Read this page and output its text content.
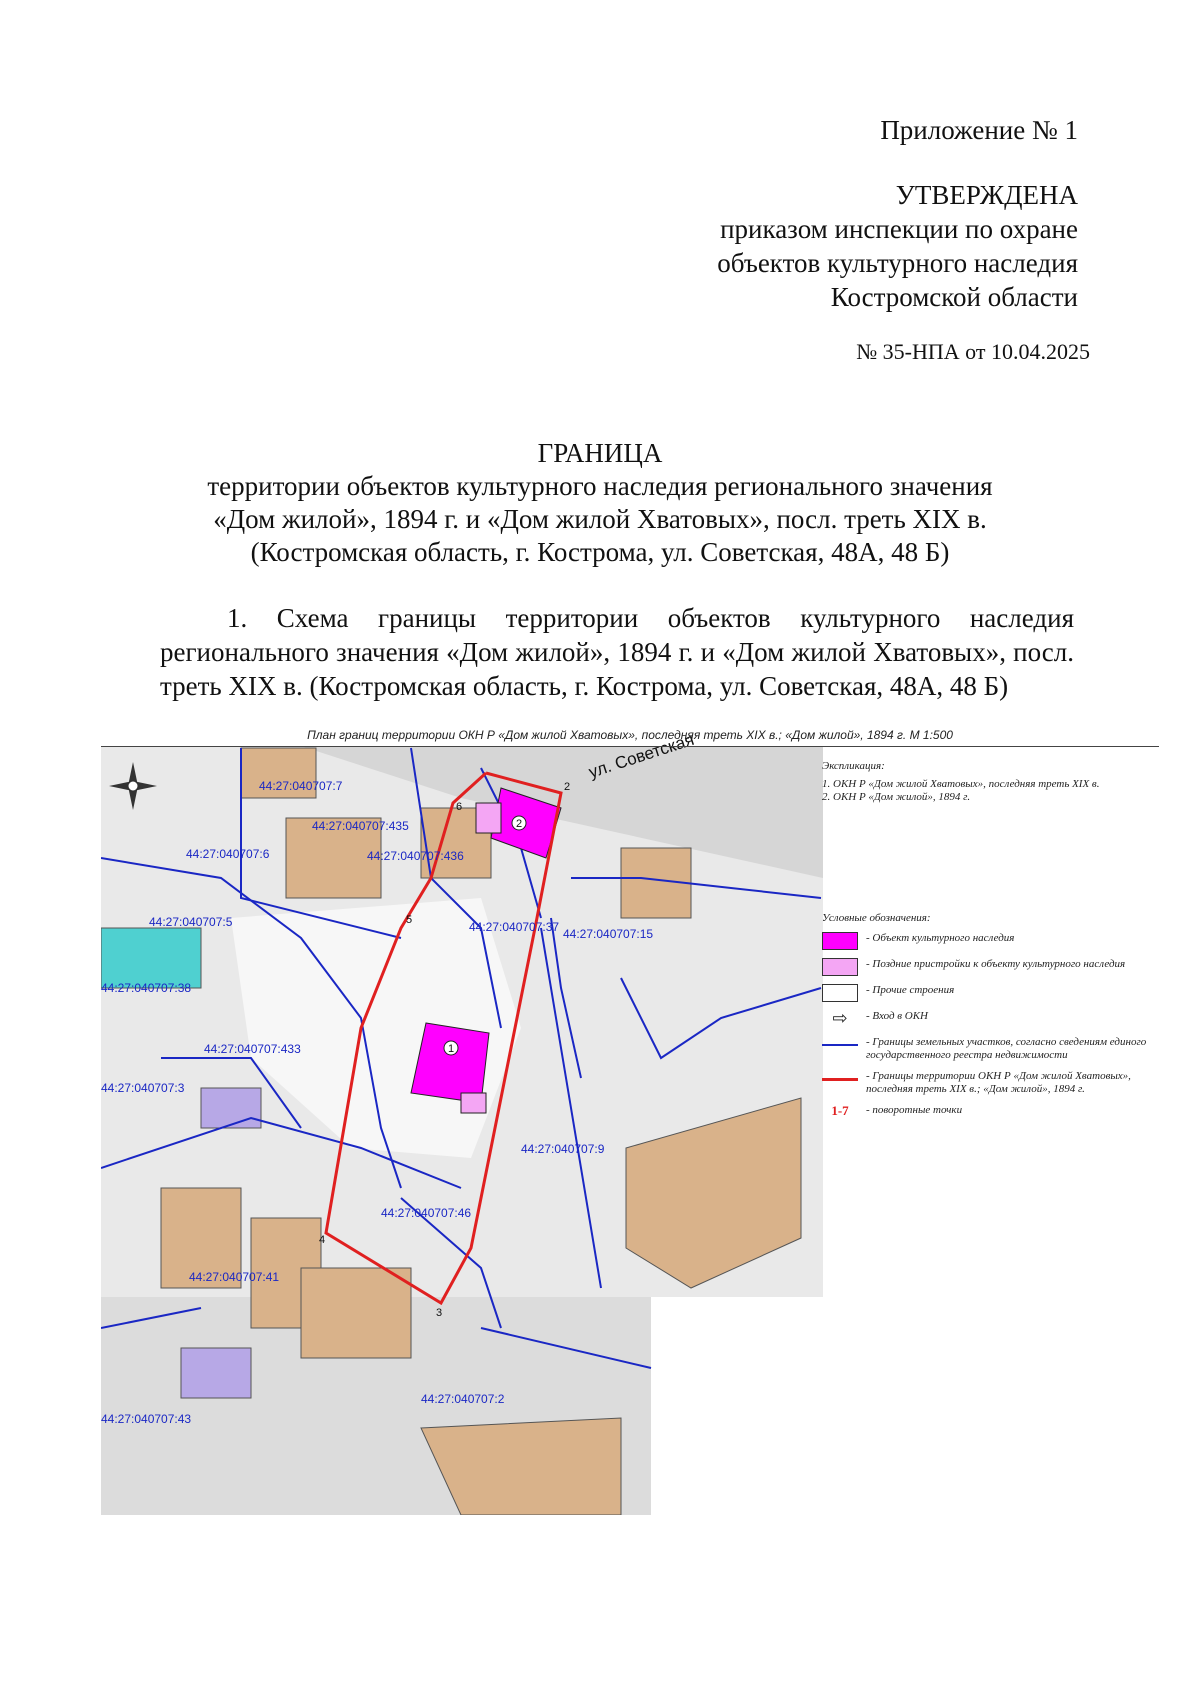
Приложение № 1
УТВЕРЖДЕНА
приказом инспекции по охране
объектов культурного наследия
Костромской области
№ 35-НПА от 10.04.2025
ГРАНИЦА
территории объектов культурного наследия регионального значения
«Дом жилой», 1894 г. и «Дом жилой Хватовых», посл. треть XIX в.
(Костромская область, г. Кострома, ул. Советская, 48А, 48 Б)
1. Схема границы территории объектов культурного наследия регионального значения «Дом жилой», 1894 г. и «Дом жилой Хватовых», посл. треть XIX в. (Костромская область, г. Кострома, ул. Советская, 48А, 48 Б)
2
1
2
3
4
5
6
ул. Советская
44:27:040707:7
44:27:040707:435
44:27:040707:6	44:27:040707:436
44:27:040707:5	44:27:040707:37 44:27:040707:15
44:27:040707:38
44:27:040707:433
44:27:040707:3
44:27:040707:9
44:27:040707:46
44:27:040707:41
44:27:040707:2
44:27:040707:43
План границ территории ОКН Р «Дом жилой Хватовых», последняя треть XIX в.; «Дом жилой», 1894 г. М 1:500
Экспликация:
1. ОКН Р «Дом жилой Хватовых», последняя треть XIX в.
2. ОКН Р «Дом жилой», 1894 г.
Условные обозначения:
- Объект культурного наследия
- Поздние пристройки к объекту культурного наследия
- Прочие строения
⇨	- Вход в ОКН
- Границы земельных участков, согласно сведениям единого государственного реестра недвижимости
- Границы территории ОКН Р «Дом жилой Хватовых», последняя треть XIX в.; «Дом жилой», 1894 г.
1-7	- поворотные точки
